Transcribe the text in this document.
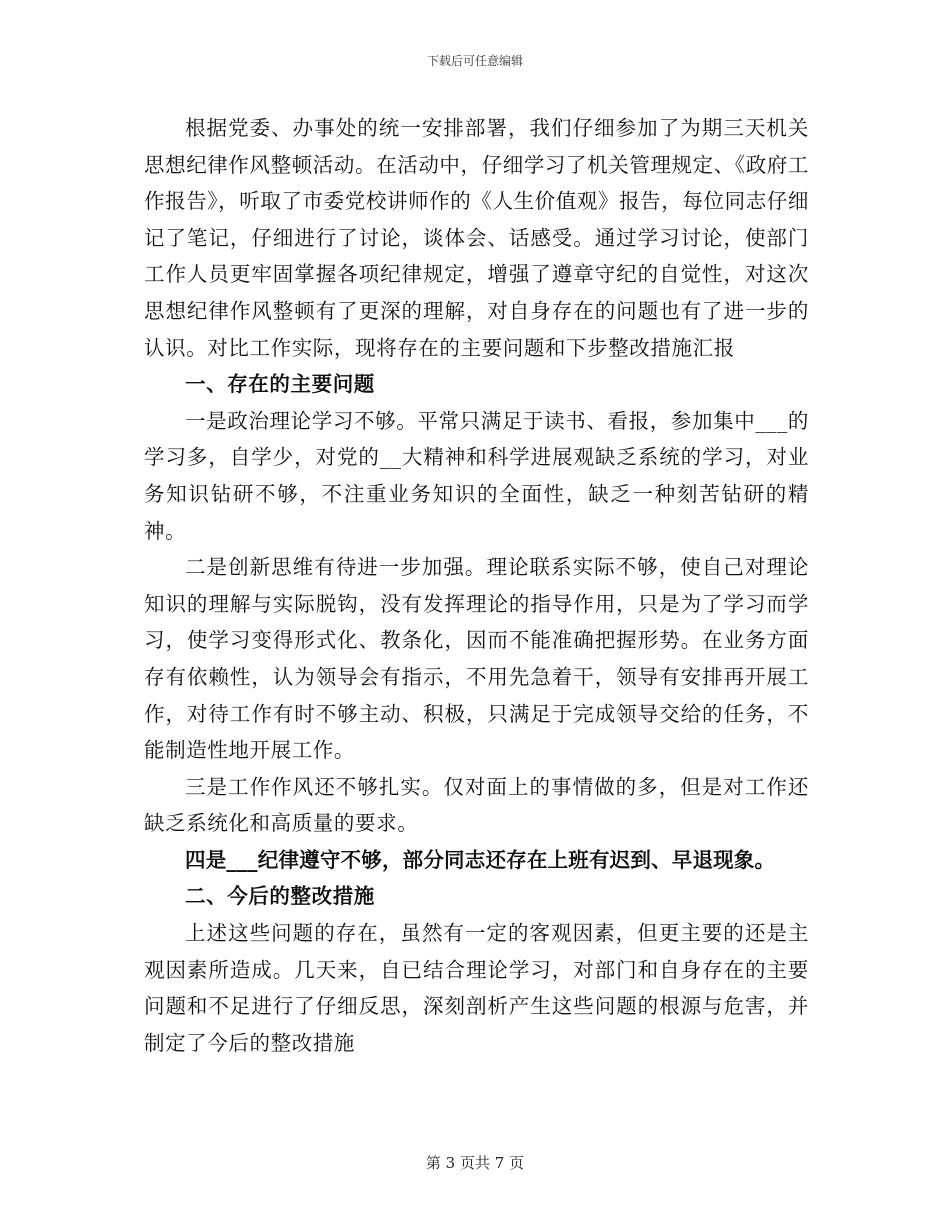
下载后可任意编辑

根据党委、办事处的统一安排部署，我们仔细参加了为期三天机关思想纪律作风整顿活动。在活动中，仔细学习了机关管理规定、《政府工作报告》，听取了市委党校讲师作的《人生价值观》报告，每位同志仔细记了笔记，仔细进行了讨论，谈体会、话感受。通过学习讨论，使部门工作人员更牢固掌握各项纪律规定，增强了遵章守纪的自觉性，对这次思想纪律作风整顿有了更深的理解，对自身存在的问题也有了进一步的认识。对比工作实际，现将存在的主要问题和下步整改措施汇报

一、存在的主要问题

一是政治理论学习不够。平常只满足于读书、看报，参加集中___的学习多，自学少，对党的__大精神和科学进展观缺乏系统的学习，对业务知识钻研不够，不注重业务知识的全面性，缺乏一种刻苦钻研的精神。

二是创新思维有待进一步加强。理论联系实际不够，使自己对理论知识的理解与实际脱钩，没有发挥理论的指导作用，只是为了学习而学习，使学习变得形式化、教条化，因而不能准确把握形势。在业务方面存有依赖性，认为领导会有指示，不用先急着干，领导有安排再开展工作，对待工作有时不够主动、积极，只满足于完成领导交给的任务，不能制造性地开展工作。

三是工作作风还不够扎实。仅对面上的事情做的多，但是对工作还缺乏系统化和高质量的要求。

四是___纪律遵守不够，部分同志还存在上班有迟到、早退现象。

二、今后的整改措施

上述这些问题的存在，虽然有一定的客观因素，但更主要的还是主观因素所造成。几天来，自已结合理论学习，对部门和自身存在的主要问题和不足进行了仔细反思，深刻剖析产生这些问题的根源与危害，并制定了今后的整改措施

第 3 页共 7 页
